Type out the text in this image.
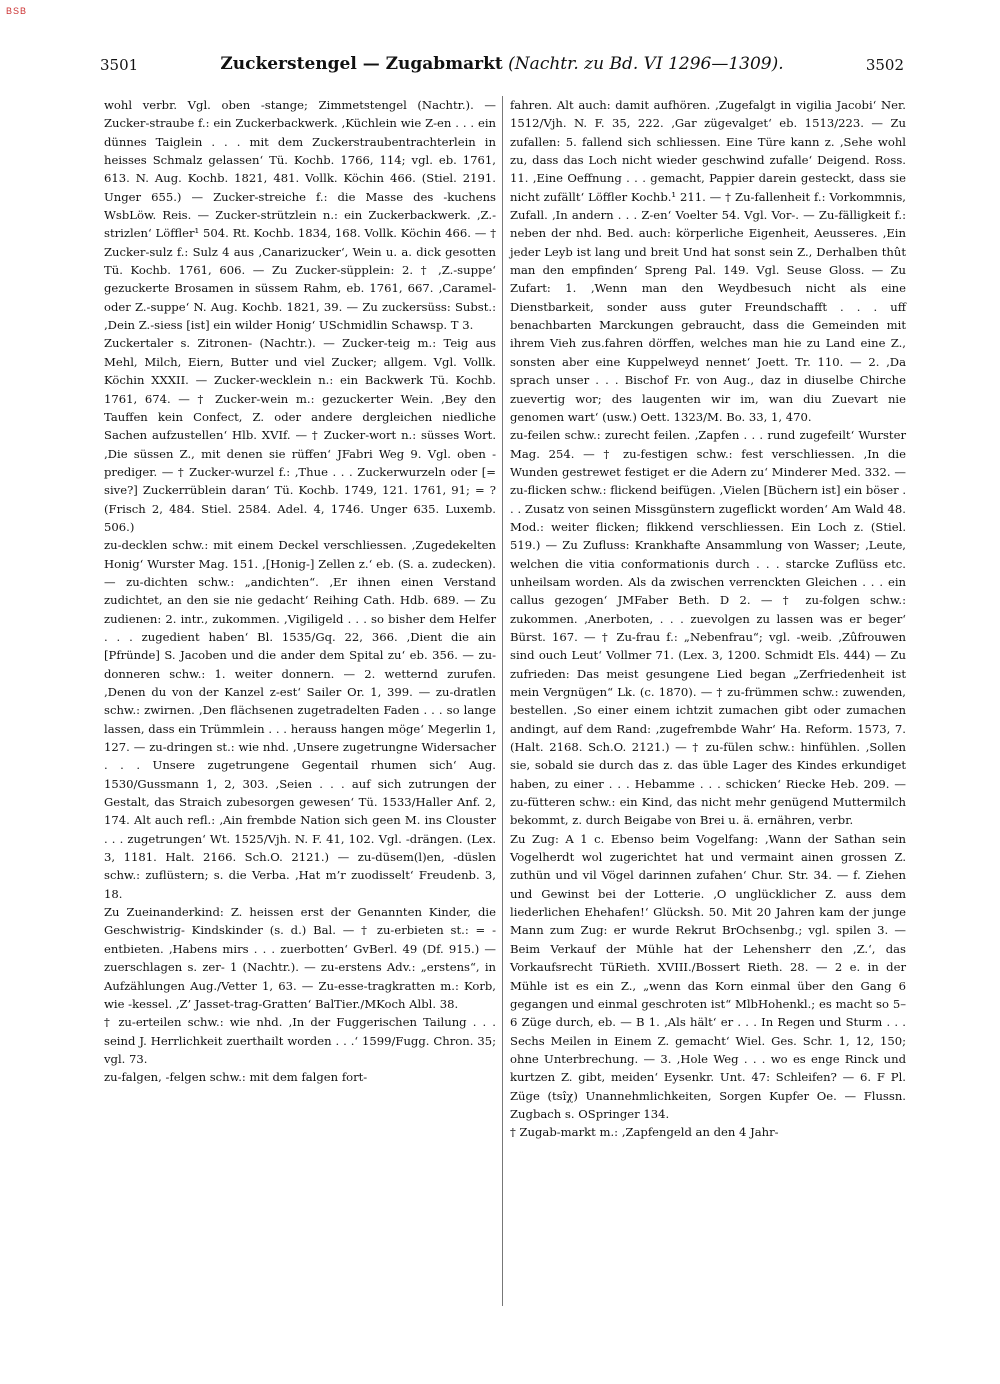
BSB
3501	Zuckerstengel — Zugabmarkt (Nachtr. zu Bd. VI 1296—1309).	3502

wohl verbr. Vgl. oben -stange; Zimmetstengel (Nachtr.). — Zucker-straube f.: ein Zuckerbackwerk. ‚Küchlein wie Z-en . . . ein dünnes Taiglein . . . mit dem Zuckerstraubentrachterlein in heisses Schmalz gelassen‘ Tü. Kochb. 1766, 114; vgl. eb. 1761, 613. N. Aug. Kochb. 1821, 481. Vollk. Köchin 466. (Stiel. 2191. Unger 655.) — Zucker-streiche f.: die Masse des -kuchens WsbLöw. Reis. — Zucker-strützlein n.: ein Zuckerbackwerk. ‚Z.-strizlen‘ Löffler¹ 504. Rt. Kochb. 1834, 168. Vollk. Köchin 466. — † Zucker-sulz f.: Sulz 4 aus ‚Canarizucker‘, Wein u. a. dick gesotten Tü. Kochb. 1761, 606. — Zu Zucker-süpplein: 2. † ‚Z.-suppe‘ gezuckerte Brosamen in süssem Rahm, eb. 1761, 667. ‚Caramel- oder Z.-suppe‘ N. Aug. Kochb. 1821, 39. — Zu zuckersüss: Subst.: ‚Dein Z.-siess [ist] ein wilder Honig‘ USchmidlin Schawsp. T 3.

Zuckertaler s. Zitronen- (Nachtr.). — Zucker-teig m.: Teig aus Mehl, Milch, Eiern, Butter und viel Zucker; allgem. Vgl. Vollk. Köchin XXXII. — Zucker-wecklein n.: ein Backwerk Tü. Kochb. 1761, 674. — † Zucker-wein m.: gezuckerter Wein. ‚Bey den Tauffen kein Confect, Z. oder andere dergleichen niedliche Sachen aufzustellen‘ Hlb. XVIf. — † Zucker-wort n.: süsses Wort. ‚Die süssen Z., mit denen sie rüffen‘ JFabri Weg 9. Vgl. oben -prediger. — † Zucker-wurzel f.: ‚Thue . . . Zuckerwurzeln oder [= sive?] Zuckerrüblein daran‘ Tü. Kochb. 1749, 121. 1761, 91; = ? (Frisch 2, 484. Stiel. 2584. Adel. 4, 1746. Unger 635. Luxemb. 506.)

zu-decklen schw.: mit einem Deckel verschliessen. ‚Zugedekelten Honig‘ Wurster Mag. 151. ‚[Honig-] Zellen z.‘ eb. (S. a. zudecken). — zu-dichten schw.: „andichten“. ‚Er ihnen einen Verstand zudichtet, an den sie nie gedacht‘ Reihing Cath. Hdb. 689. — Zu zudienen: 2. intr., zukommen. ‚Vigiligeld . . . so bisher dem Helfer . . . zugedient haben‘ Bl. 1535/Gq. 22, 366. ‚Dient die ain [Pfründe] S. Jacoben und die ander dem Spital zu‘ eb. 356. — zu-donneren schw.: 1. weiter donnern. — 2. wetternd zurufen. ‚Denen du von der Kanzel z-est‘ Sailer Or. 1, 399. — zu-dratlen schw.: zwirnen. ‚Den flächsenen zugetradelten Faden . . . so lange lassen, dass ein Trümmlein . . . herauss hangen möge‘ Megerlin 1, 127. — zu-dringen st.: wie nhd. ‚Unsere zugetrungne Widersacher . . . Unsere zugetrungene Gegentail rhumen sich‘ Aug. 1530/Gussmann 1, 2, 303. ‚Seien . . . auf sich zutrungen der Gestalt, das Straich zubesorgen gewesen‘ Tü. 1533/Haller Anf. 2, 174. Alt auch refl.: ‚Ain frembde Nation sich geen M. ins Clouster . . . zugetrungen‘ Wt. 1525/Vjh. N. F. 41, 102. Vgl. -drängen. (Lex. 3, 1181. Halt. 2166. Sch.O. 2121.) — zu-düsem(l)en, -düslen schw.: zuflüstern; s. die Verba. ‚Hat m’r zuodisselt‘ Freudenb. 3, 18.

Zu Zueinanderkind: Z. heissen erst der Genannten Kinder, die Geschwistrig- Kindskinder (s. d.) Bal. — † zu-erbieten st.: = -entbieten. ‚Habens mirs . . . zuerbotten‘ GvBerl. 49 (Df. 915.) — zuerschlagen s. zer- 1 (Nachtr.). — zu-erstens Adv.: „erstens“, in Aufzählungen Aug./Vetter 1, 63. — Zu-esse-tragkratten m.: Korb, wie -kessel. ‚Z’ Jasset-trag-Gratten‘ BalTier./MKoch Albl. 38.

† zu-erteilen schw.: wie nhd. ‚In der Fuggerischen Tailung . . . seind J. Herrlichkeit zuerthailt worden . . .‘ 1599/Fugg. Chron. 35; vgl. 73.

zu-falgen, -felgen schw.: mit dem falgen fort-

fahren. Alt auch: damit aufhören. ‚Zugefalgt in vigilia Jacobi‘ Ner. 1512/Vjh. N. F. 35, 222. ‚Gar zügevalget‘ eb. 1513/223. — Zu zufallen: 5. fallend sich schliessen. Eine Türe kann z. ‚Sehe wohl zu, dass das Loch nicht wieder geschwind zufalle‘ Deigend. Ross. 11. ‚Eine Oeffnung . . . gemacht, Pappier darein gesteckt, dass sie nicht zufällt‘ Löffler Kochb.¹ 211. — † Zu-fallenheit f.: Vorkommnis, Zufall. ‚In andern . . . Z-en‘ Voelter 54. Vgl. Vor-. — Zu-fälligkeit f.: neben der nhd. Bed. auch: körperliche Eigenheit, Aeusseres. ‚Ein jeder Leyb ist lang und breit Und hat sonst sein Z., Derhalben thût man den empfinden‘ Spreng Pal. 149. Vgl. Seuse Gloss. — Zu Zufart: 1. ‚Wenn man den Weydbesuch nicht als eine Dienstbarkeit, sonder auss guter Freundschafft . . . uff benachbarten Marckungen gebraucht, dass die Gemeinden mit ihrem Vieh zus.fahren dörffen, welches man hie zu Land eine Z., sonsten aber eine Kuppelweyd nennet‘ Joett. Tr. 110. — 2. ‚Da sprach unser . . . Bischof Fr. von Aug., daz in diuselbe Chirche zuevertig wor; des laugenten wir im, wan diu Zuevart nie genomen wart‘ (usw.) Oett. 1323/M. Bo. 33, 1, 470.

zu-feilen schw.: zurecht feilen. ‚Zapfen . . . rund zugefeilt‘ Wurster Mag. 254. — † zu-festigen schw.: fest verschliessen. ‚In die Wunden gestrewet festiget er die Adern zu‘ Minderer Med. 332. — zu-flicken schw.: flickend beifügen. ‚Vielen [Büchern ist] ein böser . . . Zusatz von seinen Missgünstern zugeflickt worden‘ Am Wald 48. Mod.: weiter flicken; flikkend verschliessen. Ein Loch z. (Stiel. 519.) — Zu Zufluss: Krankhafte Ansammlung von Wasser; ‚Leute, welchen die vitia conformationis durch . . . starcke Zuflüss etc. unheilsam worden. Als da zwischen verrenckten Gleichen . . . ein callus gezogen‘ JMFaber Beth. D 2. — † zu-folgen schw.: zukommen. ‚Anerboten, . . . zuevolgen zu lassen was er beger‘ Bürst. 167. — † Zu-frau f.: „Nebenfrau“; vgl. -weib. ‚Zûfrouwen sind ouch Leut‘ Vollmer 71. (Lex. 3, 1200. Schmidt Els. 444) — Zu zufrieden: Das meist gesungene Lied began „Zerfriedenheit ist mein Vergnügen“ Lk. (c. 1870). — † zu-frümmen schw.: zuwenden, bestellen. ‚So einer einem ichtzit zumachen gibt oder zumachen andingt, auf dem Rand: ‚zugefrembde Wahr‘ Ha. Reform. 1573, 7. (Halt. 2168. Sch.O. 2121.) — † zu-fülen schw.: hinfühlen. ‚Sollen sie, sobald sie durch das z. das üble Lager des Kindes erkundiget haben, zu einer . . . Hebamme . . . schicken‘ Riecke Heb. 209. — zu-fütteren schw.: ein Kind, das nicht mehr genügend Muttermilch bekommt, z. durch Beigabe von Brei u. ä. ernähren, verbr.

Zu Zug: A 1 c. Ebenso beim Vogelfang: ‚Wann der Sathan sein Vogelherdt wol zugerichtet hat und vermaint ainen grossen Z. zuthün und vil Vögel darinnen zufahen‘ Chur. Str. 34. — f. Ziehen und Gewinst bei der Lotterie. ‚O unglücklicher Z. auss dem liederlichen Ehehafen!‘ Glücksh. 50. Mit 20 Jahren kam der junge Mann zum Zug: er wurde Rekrut BrOchsenbg.; vgl. spilen 3. — Beim Verkauf der Mühle hat der Lehensherr den ‚Z.‘, das Vorkaufsrecht TüRieth. XVIII./Bossert Rieth. 28. — 2 e. in der Mühle ist es ein Z., „wenn das Korn einmal über den Gang 6 gegangen und einmal geschroten ist“ MlbHohenkl.; es macht so 5–6 Züge durch, eb. — B 1. ‚Als hält‘ er . . . In Regen und Sturm . . . Sechs Meilen in Einem Z. gemacht‘ Wiel. Ges. Schr. 1, 12, 150; ohne Unterbrechung. — 3. ‚Hole Weg . . . wo es enge Rinck und kurtzen Z. gibt, meiden‘ Eysenkr. Unt. 47: Schleifen? — 6. F Pl. Züge (tsîχ) Unannehmlichkeiten, Sorgen Kupfer Oe. — Flussn. Zugbach s. OSpringer 134.

† Zugab-markt m.: ‚Zapfengeld an den 4 Jahr-
